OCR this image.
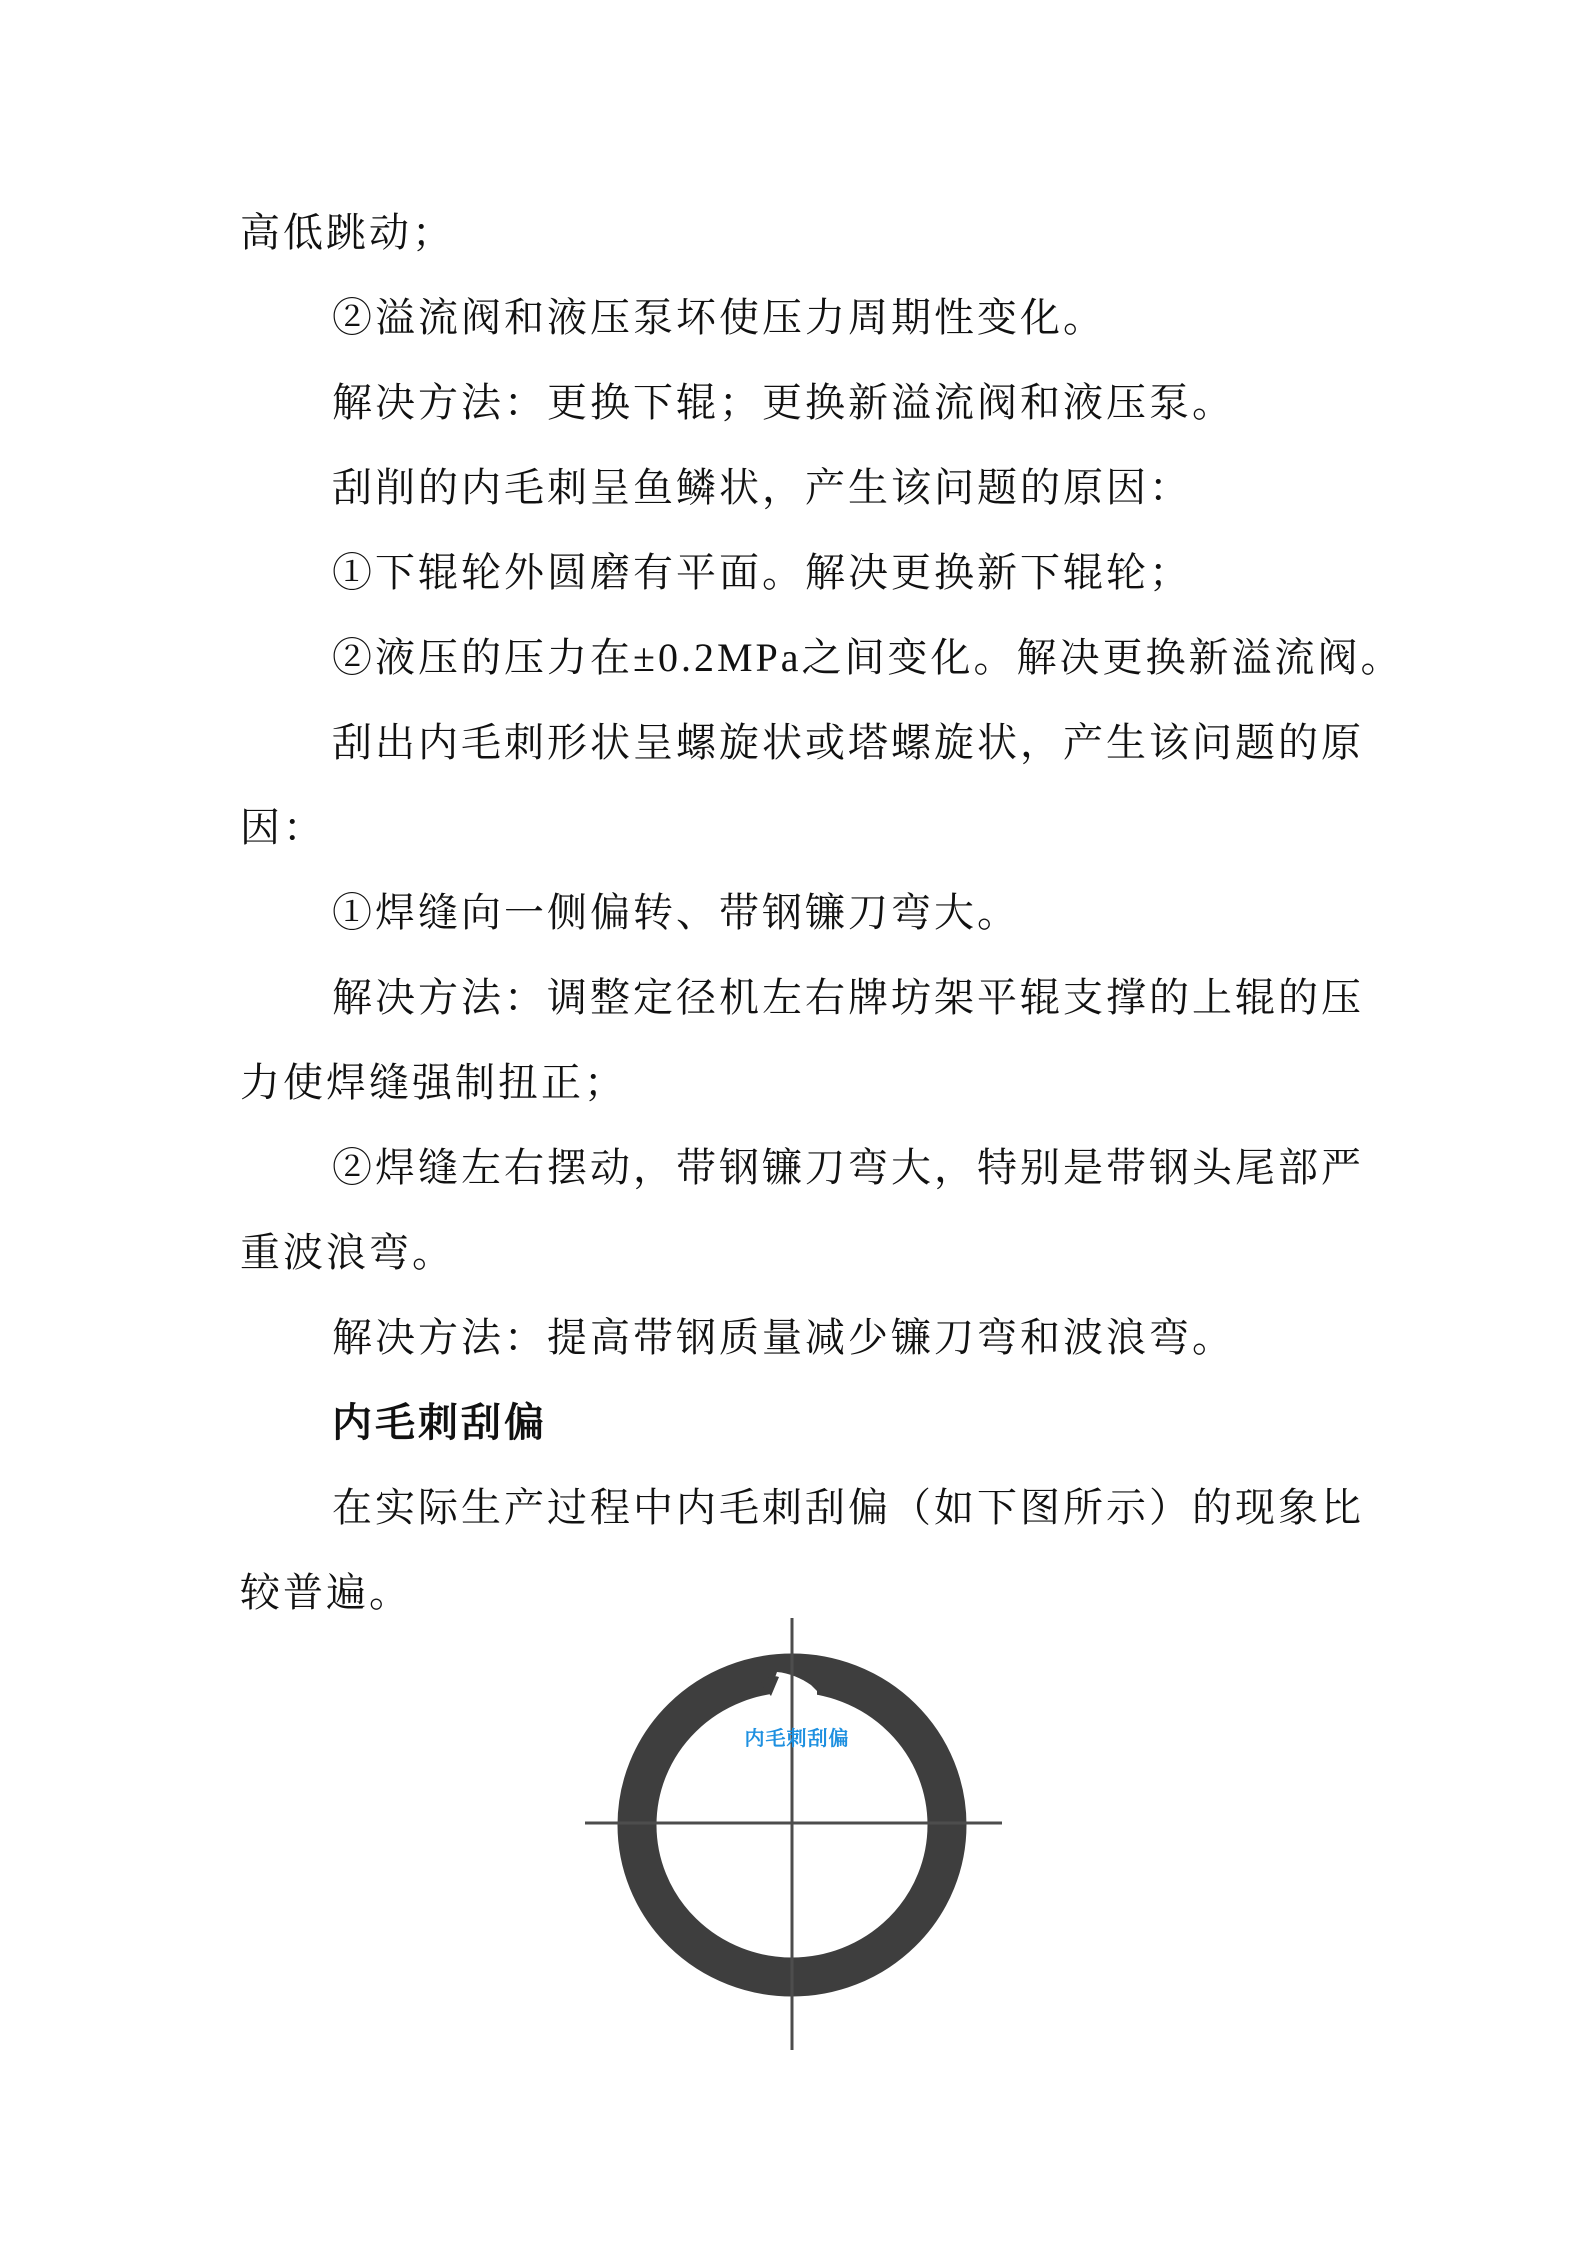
高低跳动；
②溢流阀和液压泵坏使压力周期性变化。
解决方法：更换下辊；更换新溢流阀和液压泵。
刮削的内毛刺呈鱼鳞状，产生该问题的原因：
①下辊轮外圆磨有平面。解决更换新下辊轮；
②液压的压力在±0.2MPa之间变化。解决更换新溢流阀。
刮出内毛刺形状呈螺旋状或塔螺旋状，产生该问题的原
因：
①焊缝向一侧偏转、带钢镰刀弯大。
解决方法：调整定径机左右牌坊架平辊支撑的上辊的压
力使焊缝强制扭正；
②焊缝左右摆动，带钢镰刀弯大，特别是带钢头尾部严
重波浪弯。
解决方法：提高带钢质量减少镰刀弯和波浪弯。
内毛刺刮偏
在实际生产过程中内毛刺刮偏（如下图所示）的现象比
较普遍。
内毛刺刮偏
